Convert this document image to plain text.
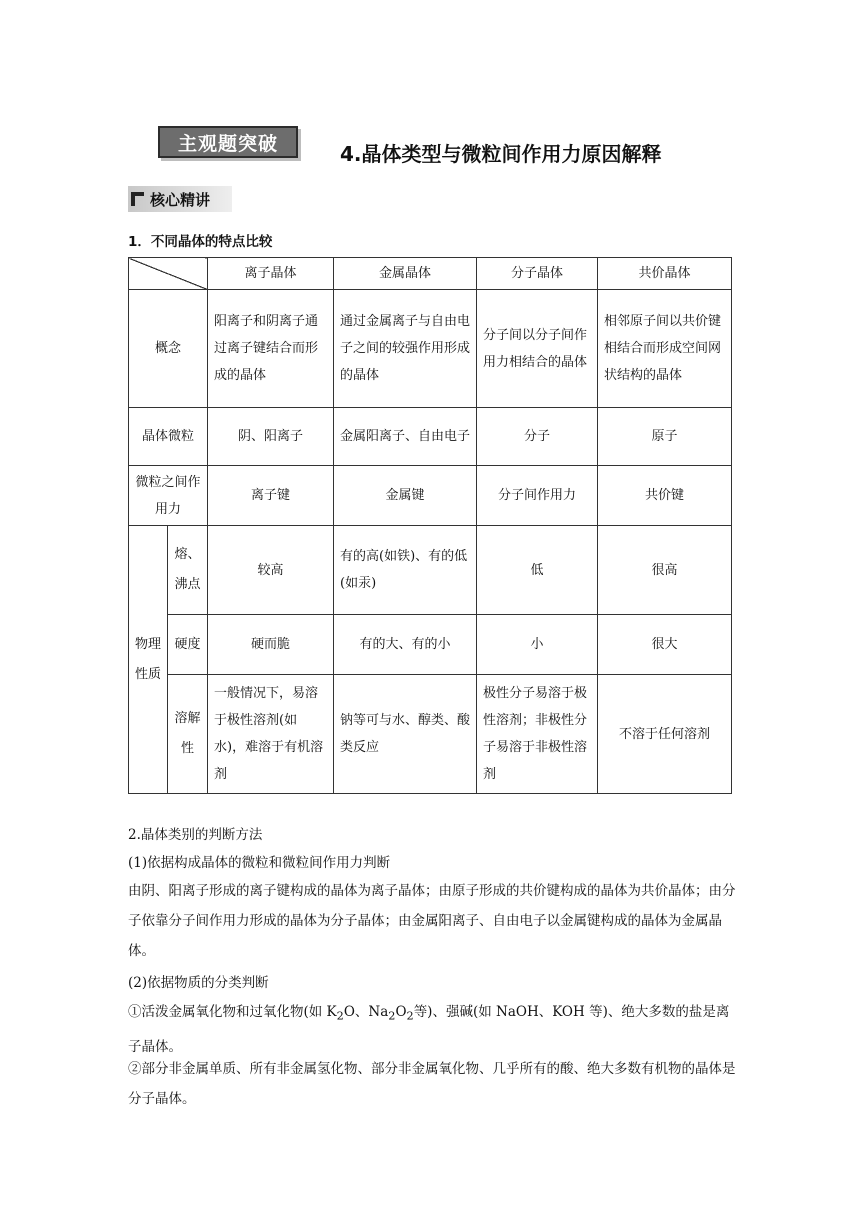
主观题突破	4.晶体类型与微粒间作用力原因解释
核心精讲
1．不同晶体的特点比较
		离子晶体	金属晶体	分子晶体	共价晶体
概念		阳离子和阴离子通过离子键结合而形成的晶体	通过金属离子与自由电子之间的较强作用形成的晶体	分子间以分子间作用力相结合的晶体	相邻原子间以共价键相结合而形成空间网状结构的晶体
晶体微粒		阴、阳离子	金属阳离子、自由电子	分子	原子
微粒之间作用力		离子键	金属键	分子间作用力	共价键
物理性质	熔、沸点	较高	有的高(如铁)、有的低(如汞)	低	很高
	硬度	硬而脆	有的大、有的小	小	很大
	溶解性	一般情况下，易溶于极性溶剂(如水)，难溶于有机溶剂	钠等可与水、醇类、酸类反应	极性分子易溶于极性溶剂；非极性分子易溶于非极性溶剂	不溶于任何溶剂
2.晶体类别的判断方法
(1)依据构成晶体的微粒和微粒间作用力判断
由阴、阳离子形成的离子键构成的晶体为离子晶体；由原子形成的共价键构成的晶体为共价晶体；由分子依靠分子间作用力形成的晶体为分子晶体；由金属阳离子、自由电子以金属键构成的晶体为金属晶体。
(2)依据物质的分类判断
①活泼金属氧化物和过氧化物(如 $K_2O$、$Na_2O_2$等)、强碱(如 NaOH、KOH 等)、绝大多数的盐是离子晶体。
②部分非金属单质、所有非金属氢化物、部分非金属氧化物、几乎所有的酸、绝大多数有机物的晶体是分子晶体。
